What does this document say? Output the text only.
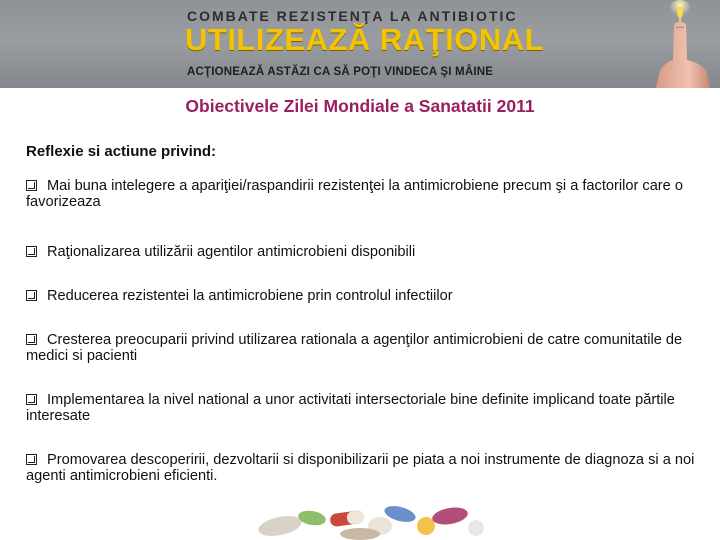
COMBATE REZISTENŢA LA ANTIBIOTIC
UTILIZEAZĂ RAŢIONAL
ACŢIONEAZĂ ASTĂZI CA SĂ POŢI VINDECA ŞI MÂINE
Obiectivele Zilei Mondiale a Sanatatii 2011
Reflexie si actiune privind:
Mai buna intelegere a apariţiei/raspandirii rezistenţei la antimicrobiene precum şi a factorilor care o favorizeaza
Raţionalizarea utilizării agentilor antimicrobieni disponibili
Reducerea rezistentei la antimicrobiene prin controlul infectiilor
Cresterea preocuparii privind utilizarea rationala a agenţilor antimicrobieni de catre comunitatile de medici si pacienti
Implementarea la nivel national a unor activitati intersectoriale bine definite implicand toate părtile interesate
Promovarea descoperirii, dezvoltarii si disponibilizarii pe piata a noi instrumente de diagnoza si a noi agenti antimicrobieni eficienti.
